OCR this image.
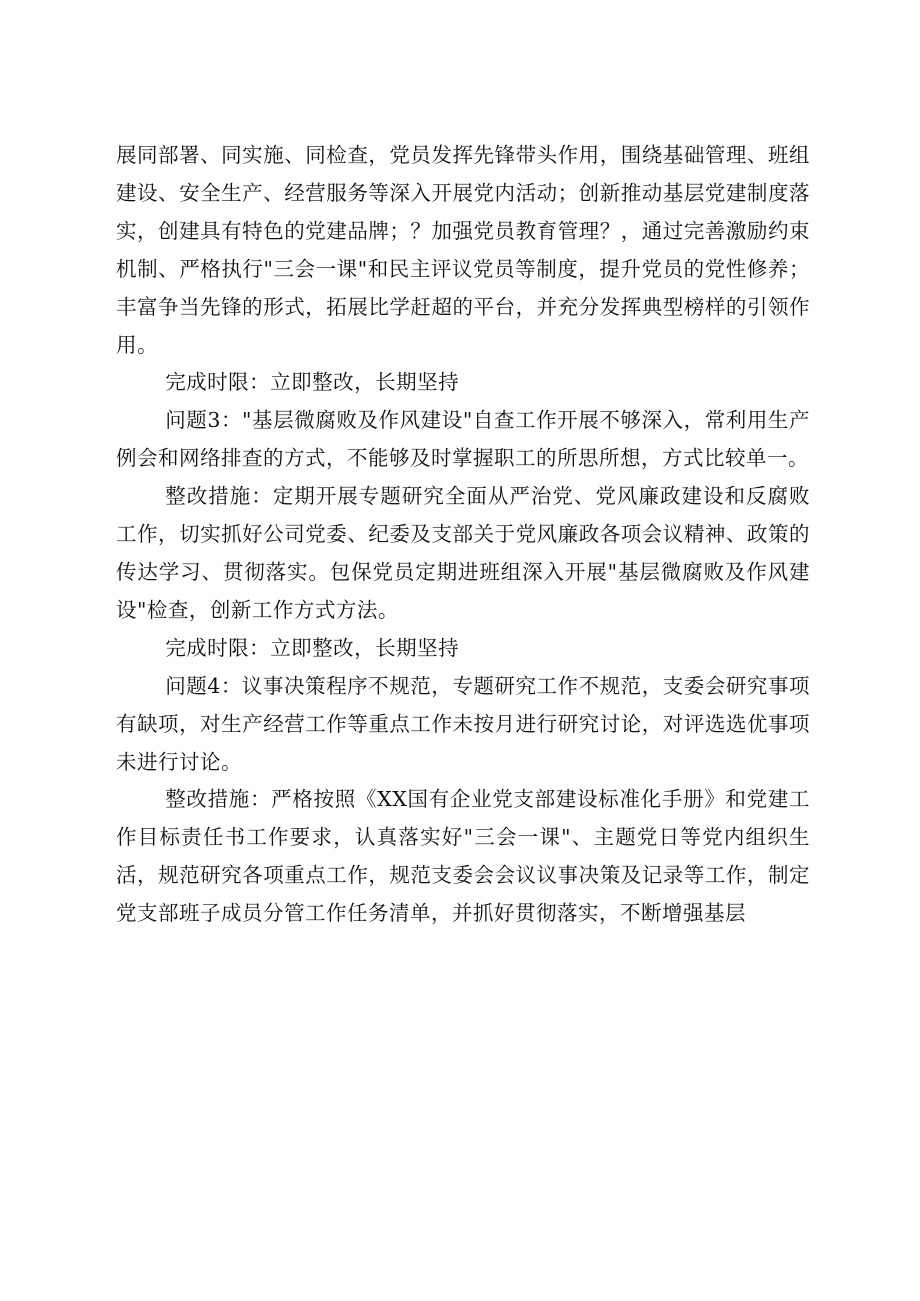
展同部署、同实施、同检查，党员发挥先锋带头作用，围绕基础管理、班组建设、安全生产、经营服务等深入开展党内活动；创新推动基层党建制度落实，创建具有特色的党建品牌；？加强党员教育管理？，通过完善激励约束机制、严格执行"三会一课"和民主评议党员等制度，提升党员的党性修养；丰富争当先锋的形式，拓展比学赶超的平台，并充分发挥典型榜样的引领作用。

完成时限：立即整改，长期坚持

问题3："基层微腐败及作风建设"自查工作开展不够深入，常利用生产例会和网络排查的方式，不能够及时掌握职工的所思所想，方式比较单一。

整改措施：定期开展专题研究全面从严治党、党风廉政建设和反腐败工作，切实抓好公司党委、纪委及支部关于党风廉政各项会议精神、政策的传达学习、贯彻落实。包保党员定期进班组深入开展"基层微腐败及作风建设"检查，创新工作方式方法。

完成时限：立即整改，长期坚持

问题4：议事决策程序不规范，专题研究工作不规范，支委会研究事项有缺项，对生产经营工作等重点工作未按月进行研究讨论，对评选选优事项未进行讨论。

整改措施：严格按照《XX国有企业党支部建设标准化手册》和党建工作目标责任书工作要求，认真落实好"三会一课"、主题党日等党内组织生活，规范研究各项重点工作，规范支委会会议议事决策及记录等工作，制定党支部班子成员分管工作任务清单，并抓好贯彻落实，不断增强基层
